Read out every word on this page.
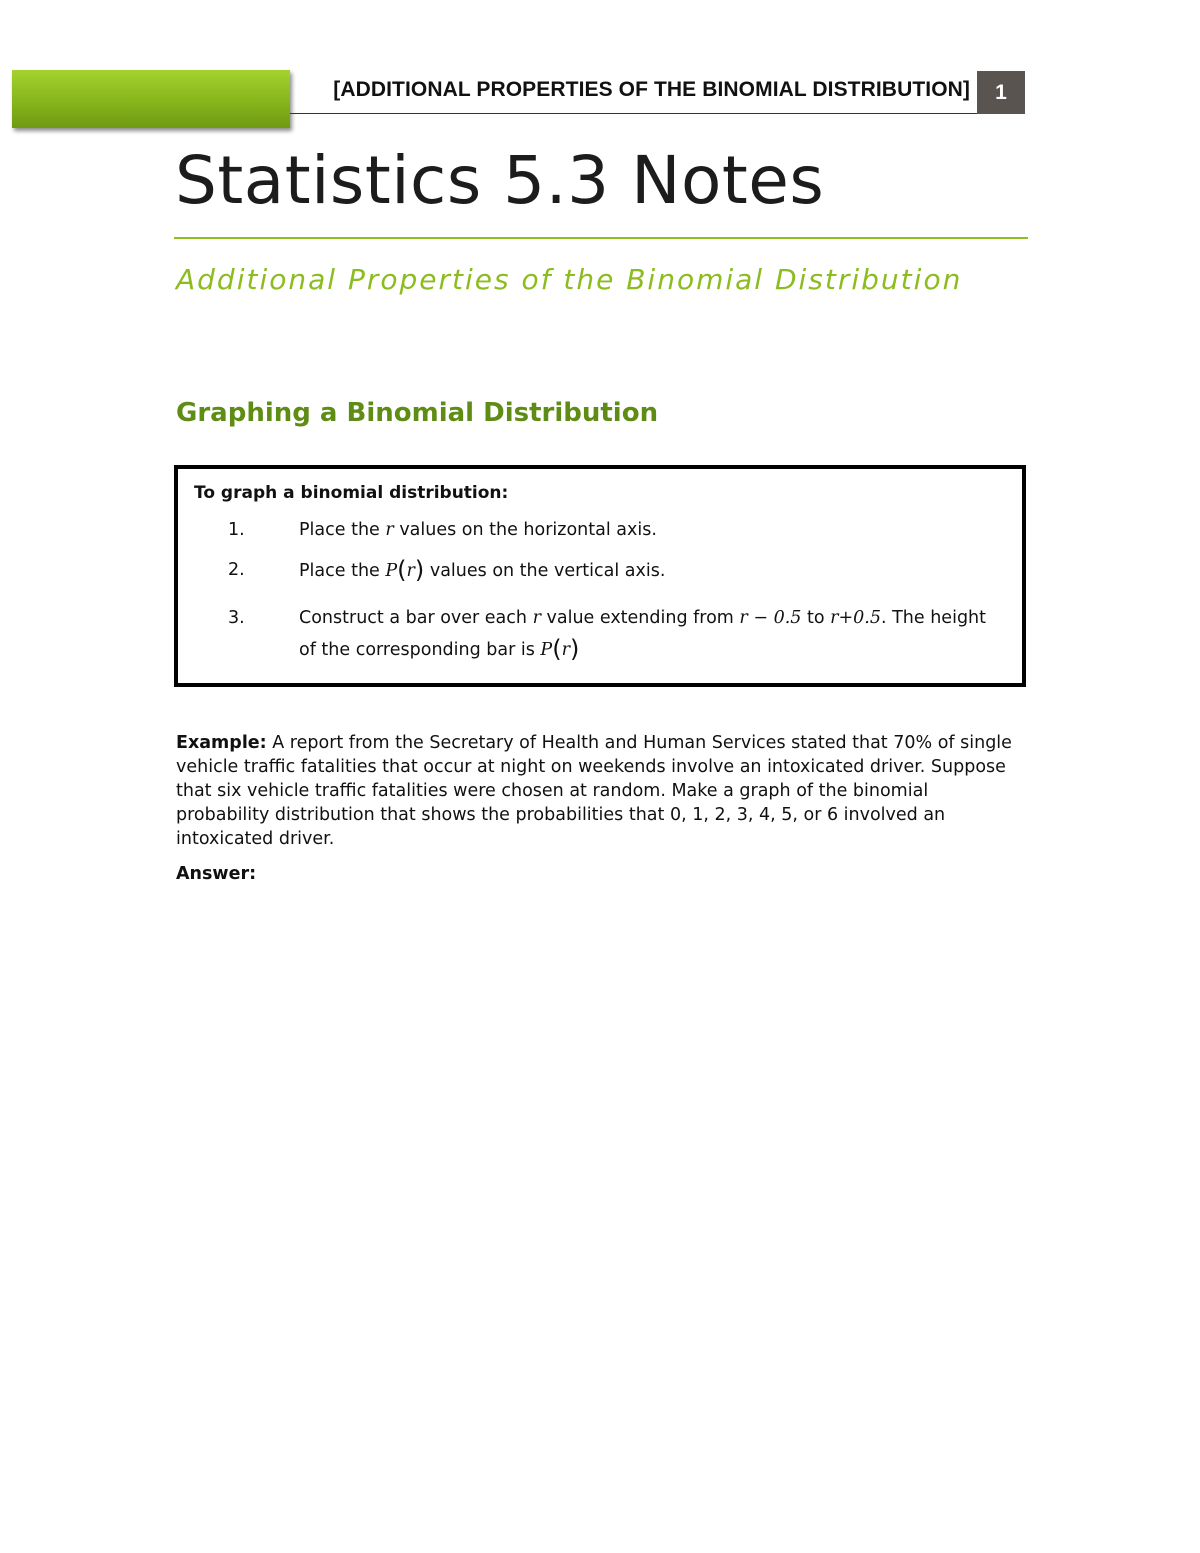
[ADDITIONAL PROPERTIES OF THE BINOMIAL DISTRIBUTION]	1
Statistics 5.3 Notes
Additional Properties of the Binomial Distribution
Graphing a Binomial Distribution
To graph a binomial distribution:
1.	Place the r values on the horizontal axis.
2.	Place the P(r) values on the vertical axis.
3.	Construct a bar over each r value extending from r − 0.5 to r+0.5. The height of the corresponding bar is P(r)
Example: A report from the Secretary of Health and Human Services stated that 70% of single vehicle traffic fatalities that occur at night on weekends involve an intoxicated driver. Suppose that six vehicle traffic fatalities were chosen at random. Make a graph of the binomial probability distribution that shows the probabilities that 0, 1, 2, 3, 4, 5, or 6 involved an intoxicated driver.
Answer:
